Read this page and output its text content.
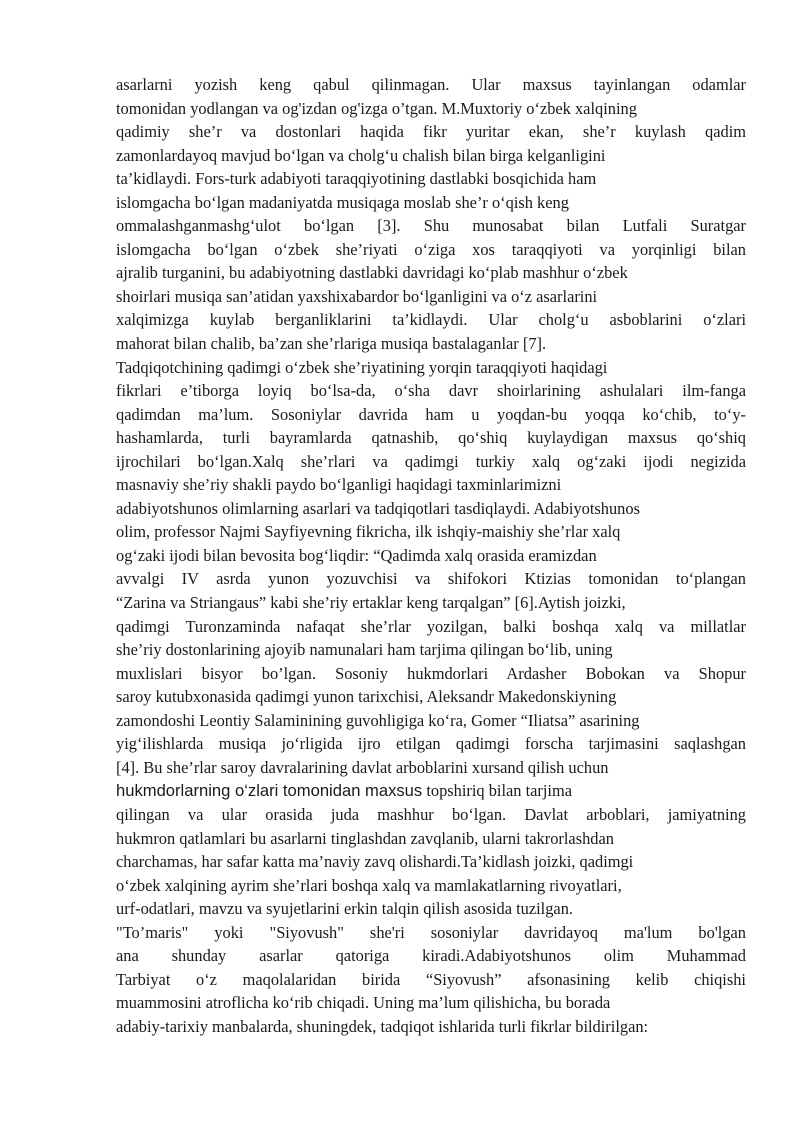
asarlarni yozish keng qabul qilinmagan. Ular maxsus tayinlangan odamlar
tomonidan yodlangan va og'izdan og'izga o’tgan. M.Muxtoriy o‘zbek xalqining
qadimiy she’r va dostonlari haqida fikr yuritar ekan, she’r kuylash qadim
zamonlardayoq mavjud bo‘lgan va cholg‘u chalish bilan birga kelganligini
ta’kidlaydi. Fors-turk adabiyoti taraqqiyotining dastlabki bosqichida ham
islomgacha bo‘lgan madaniyatda musiqaga moslab she’r o‘qish keng
ommalashganmashg‘ulot bo‘lgan [3]. Shu munosabat bilan Lutfali Suratgar
islomgacha bo‘lgan o‘zbek she’riyati o‘ziga xos taraqqiyoti va yorqinligi bilan
ajralib turganini, bu adabiyotning dastlabki davridagi ko‘plab mashhur o‘zbek
shoirlari musiqa san’atidan yaxshixabardor bo‘lganligini va o‘z asarlarini
xalqimizga kuylab berganliklarini ta’kidlaydi. Ular cholg‘u asboblarini o‘zlari
mahorat bilan chalib, ba’zan she’rlariga musiqa bastalaganlar [7].
Tadqiqotchining qadimgi o‘zbek she’riyatining yorqin taraqqiyoti haqidagi
fikrlari e’tiborga loyiq bo‘lsa-da, o‘sha davr shoirlarining ashulalari ilm-fanga
qadimdan ma’lum. Sosoniylar davrida ham u yoqdan-bu yoqqa ko‘chib, to‘y-
hashamlarda, turli bayramlarda qatnashib, qo‘shiq kuylaydigan maxsus qo‘shiq
ijrochilari bo‘lgan.Xalq she’rlari va qadimgi turkiy xalq og‘zaki ijodi negizida
masnaviy she’riy shakli paydo bo‘lganligi haqidagi taxminlarimizni
adabiyotshunos olimlarning asarlari va tadqiqotlari tasdiqlaydi. Adabiyotshunos
olim, professor Najmi Sayfiyevning fikricha, ilk ishqiy-maishiy she’rlar xalq
og‘zaki ijodi bilan bevosita bog‘liqdir: “Qadimda xalq orasida eramizdan
avvalgi IV asrda yunon yozuvchisi va shifokori Ktizias tomonidan to‘plangan
“Zarina va Striangaus” kabi she’riy ertaklar keng tarqalgan” [6].Aytish joizki,
qadimgi Turonzaminda nafaqat she’rlar yozilgan, balki boshqa xalq va millatlar
she’riy dostonlarining ajoyib namunalari ham tarjima qilingan bo‘lib, uning
muxlislari bisyor bo’lgan. Sosoniy hukmdorlari Ardasher Bobokan va Shopur
saroy kutubxonasida qadimgi yunon tarixchisi, Aleksandr Makedonskiyning
zamondoshi Leontiy Salaminining guvohligiga ko‘ra, Gomer “Iliatsa” asarining
yig‘ilishlarda musiqa jo‘rligida ijro etilgan qadimgi forscha tarjimasini saqlashgan
[4]. Bu she’rlar saroy davralarining davlat arboblarini xursand qilish uchun
hukmdorlarning o‘zlari tomonidan maxsus topshiriq bilan tarjima
qilingan va ular orasida juda mashhur bo‘lgan. Davlat arboblari, jamiyatning
hukmron qatlamlari bu asarlarni tinglashdan zavqlanib, ularni takrorlashdan
charchamas, har safar katta ma’naviy zavq olishardi.Ta’kidlash joizki, qadimgi
o‘zbek xalqining ayrim she’rlari boshqa xalq va mamlakatlarning rivoyatlari,
urf-odatlari, mavzu va syujetlarini erkin talqin qilish asosida tuzilgan.
"To’maris" yoki "Siyovush" she'ri sosoniylar davridayoq ma'lum bo'lgan
ana shunday asarlar qatoriga kiradi.Adabiyotshunos olim Muhammad
Tarbiyat o‘z maqolalaridan birida “Siyovush” afsonasining kelib chiqishi
muammosini atroflicha ko‘rib chiqadi. Uning ma’lum qilishicha, bu borada
adabiy-tarixiy manbalarda, shuningdek, tadqiqot ishlarida turli fikrlar bildirilgan:
